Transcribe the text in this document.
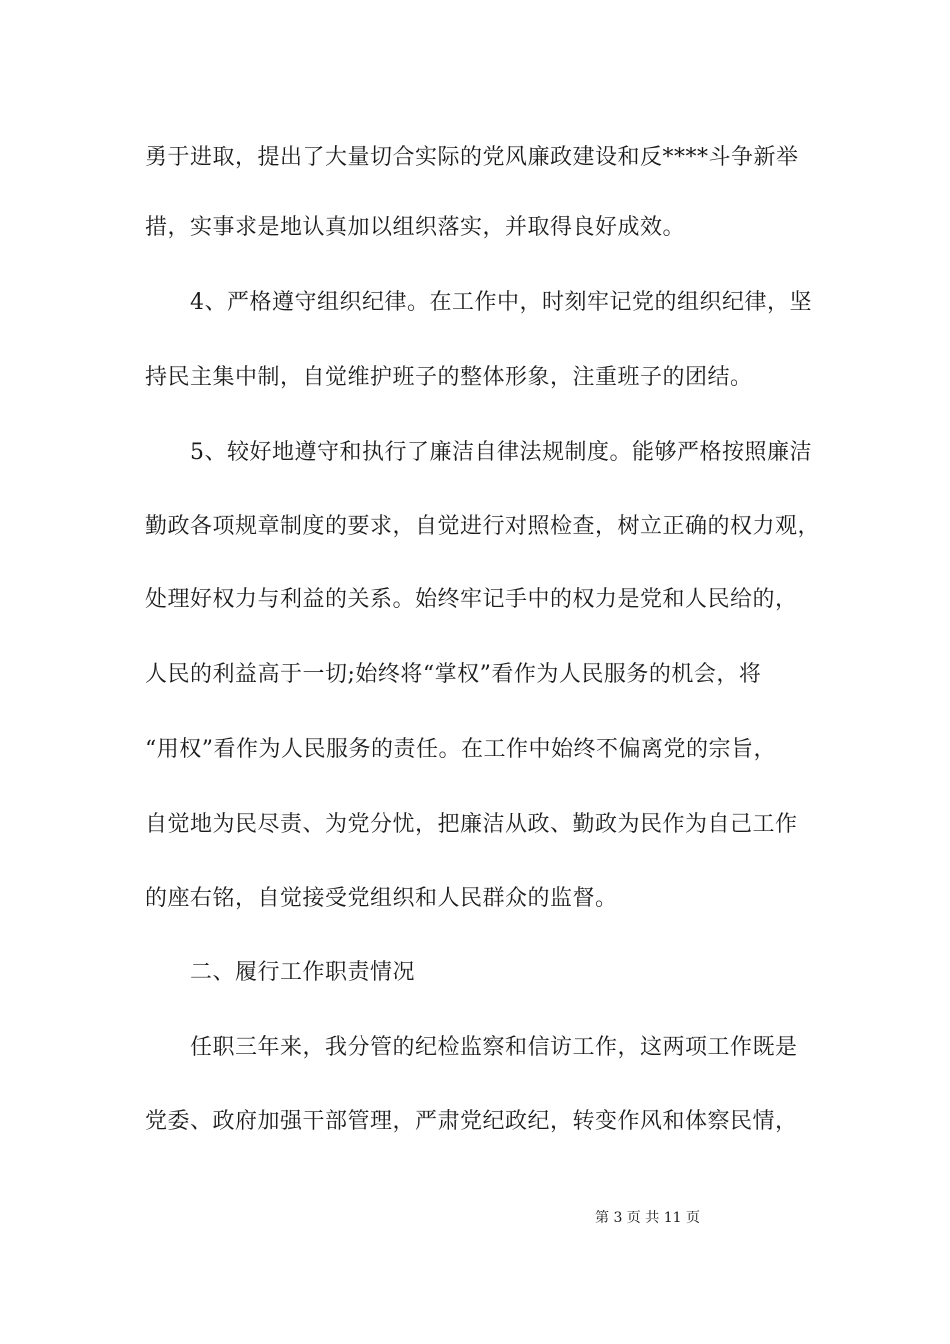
勇于进取，提出了大量切合实际的党风廉政建设和反****斗争新举
措，实事求是地认真加以组织落实，并取得良好成效。
4、严格遵守组织纪律。在工作中，时刻牢记党的组织纪律，坚
持民主集中制，自觉维护班子的整体形象，注重班子的团结。
5、较好地遵守和执行了廉洁自律法规制度。能够严格按照廉洁
勤政各项规章制度的要求，自觉进行对照检查，树立正确的权力观，
处理好权力与利益的关系。始终牢记手中的权力是党和人民给的，
人民的利益高于一切;始终将“掌权”看作为人民服务的机会，将
“用权”看作为人民服务的责任。在工作中始终不偏离党的宗旨，
自觉地为民尽责、为党分忧，把廉洁从政、勤政为民作为自己工作
的座右铭，自觉接受党组织和人民群众的监督。
二、履行工作职责情况
任职三年来，我分管的纪检监察和信访工作，这两项工作既是
党委、政府加强干部管理，严肃党纪政纪，转变作风和体察民情，
第 3 页 共 11 页
